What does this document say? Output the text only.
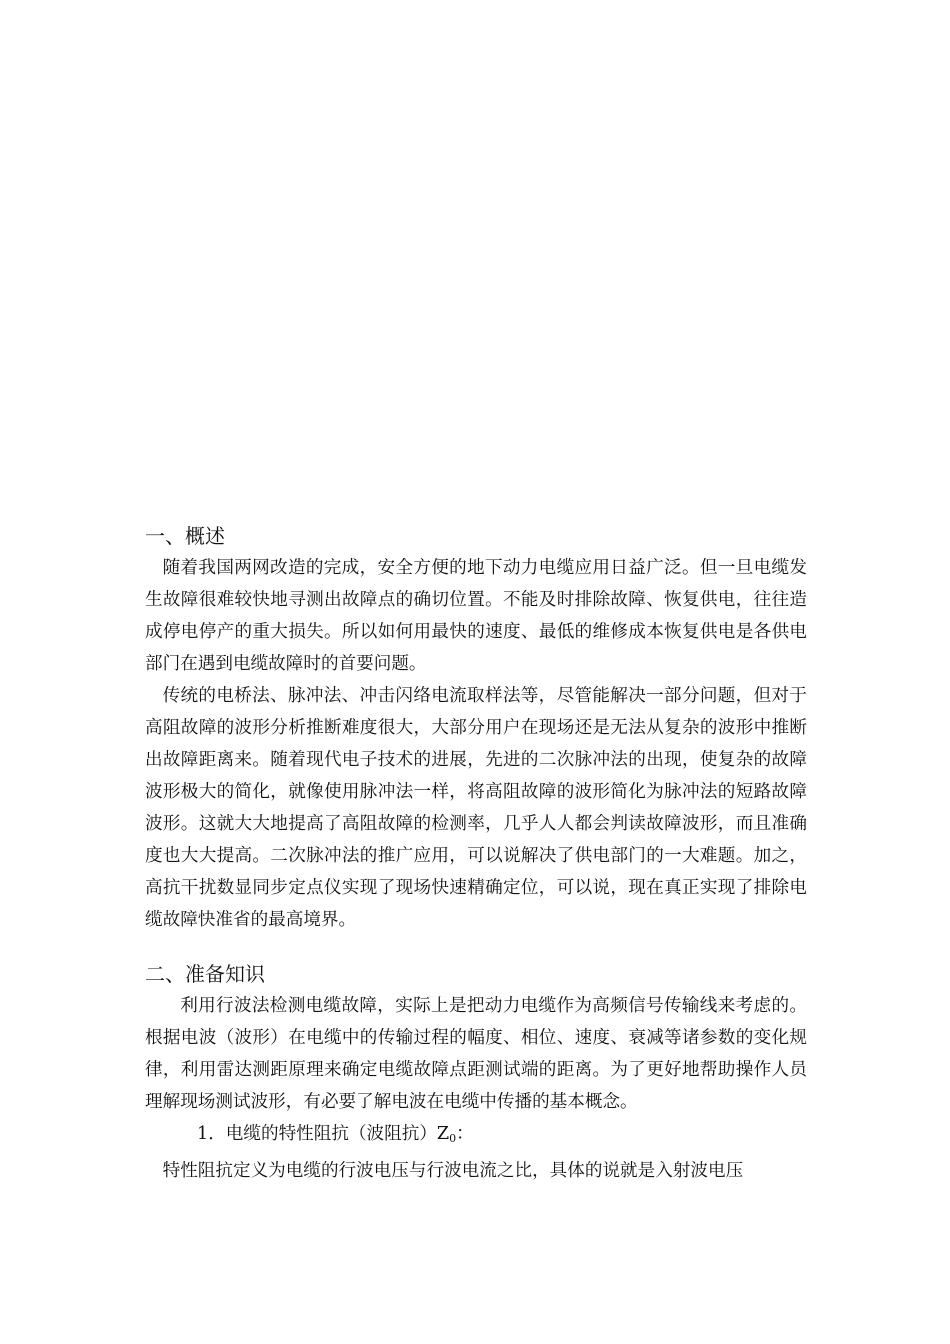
一、概述

随着我国两网改造的完成，安全方便的地下动力电缆应用日益广泛。但一旦电缆发生故障很难较快地寻测出故障点的确切位置。不能及时排除故障、恢复供电，往往造成停电停产的重大损失。所以如何用最快的速度、最低的维修成本恢复供电是各供电部门在遇到电缆故障时的首要问题。

传统的电桥法、脉冲法、冲击闪络电流取样法等，尽管能解决一部分问题，但对于高阻故障的波形分析推断难度很大，大部分用户在现场还是无法从复杂的波形中推断出故障距离来。随着现代电子技术的进展，先进的二次脉冲法的出现，使复杂的故障波形极大的简化，就像使用脉冲法一样，将高阻故障的波形简化为脉冲法的短路故障波形。这就大大地提高了高阻故障的检测率，几乎人人都会判读故障波形，而且准确度也大大提高。二次脉冲法的推广应用，可以说解决了供电部门的一大难题。加之，高抗干扰数显同步定点仪实现了现场快速精确定位，可以说，现在真正实现了排除电缆故障快准省的最高境界。

二、准备知识

利用行波法检测电缆故障，实际上是把动力电缆作为高频信号传输线来考虑的。根据电波（波形）在电缆中的传输过程的幅度、相位、速度、衰减等诸参数的变化规律，利用雷达测距原理来确定电缆故障点距测试端的距离。为了更好地帮助操作人员理解现场测试波形，有必要了解电波在电缆中传播的基本概念。

1．电缆的特性阻抗（波阻抗）$Z_0$：

特性阻抗定义为电缆的行波电压与行波电流之比，具体的说就是入射波电压
